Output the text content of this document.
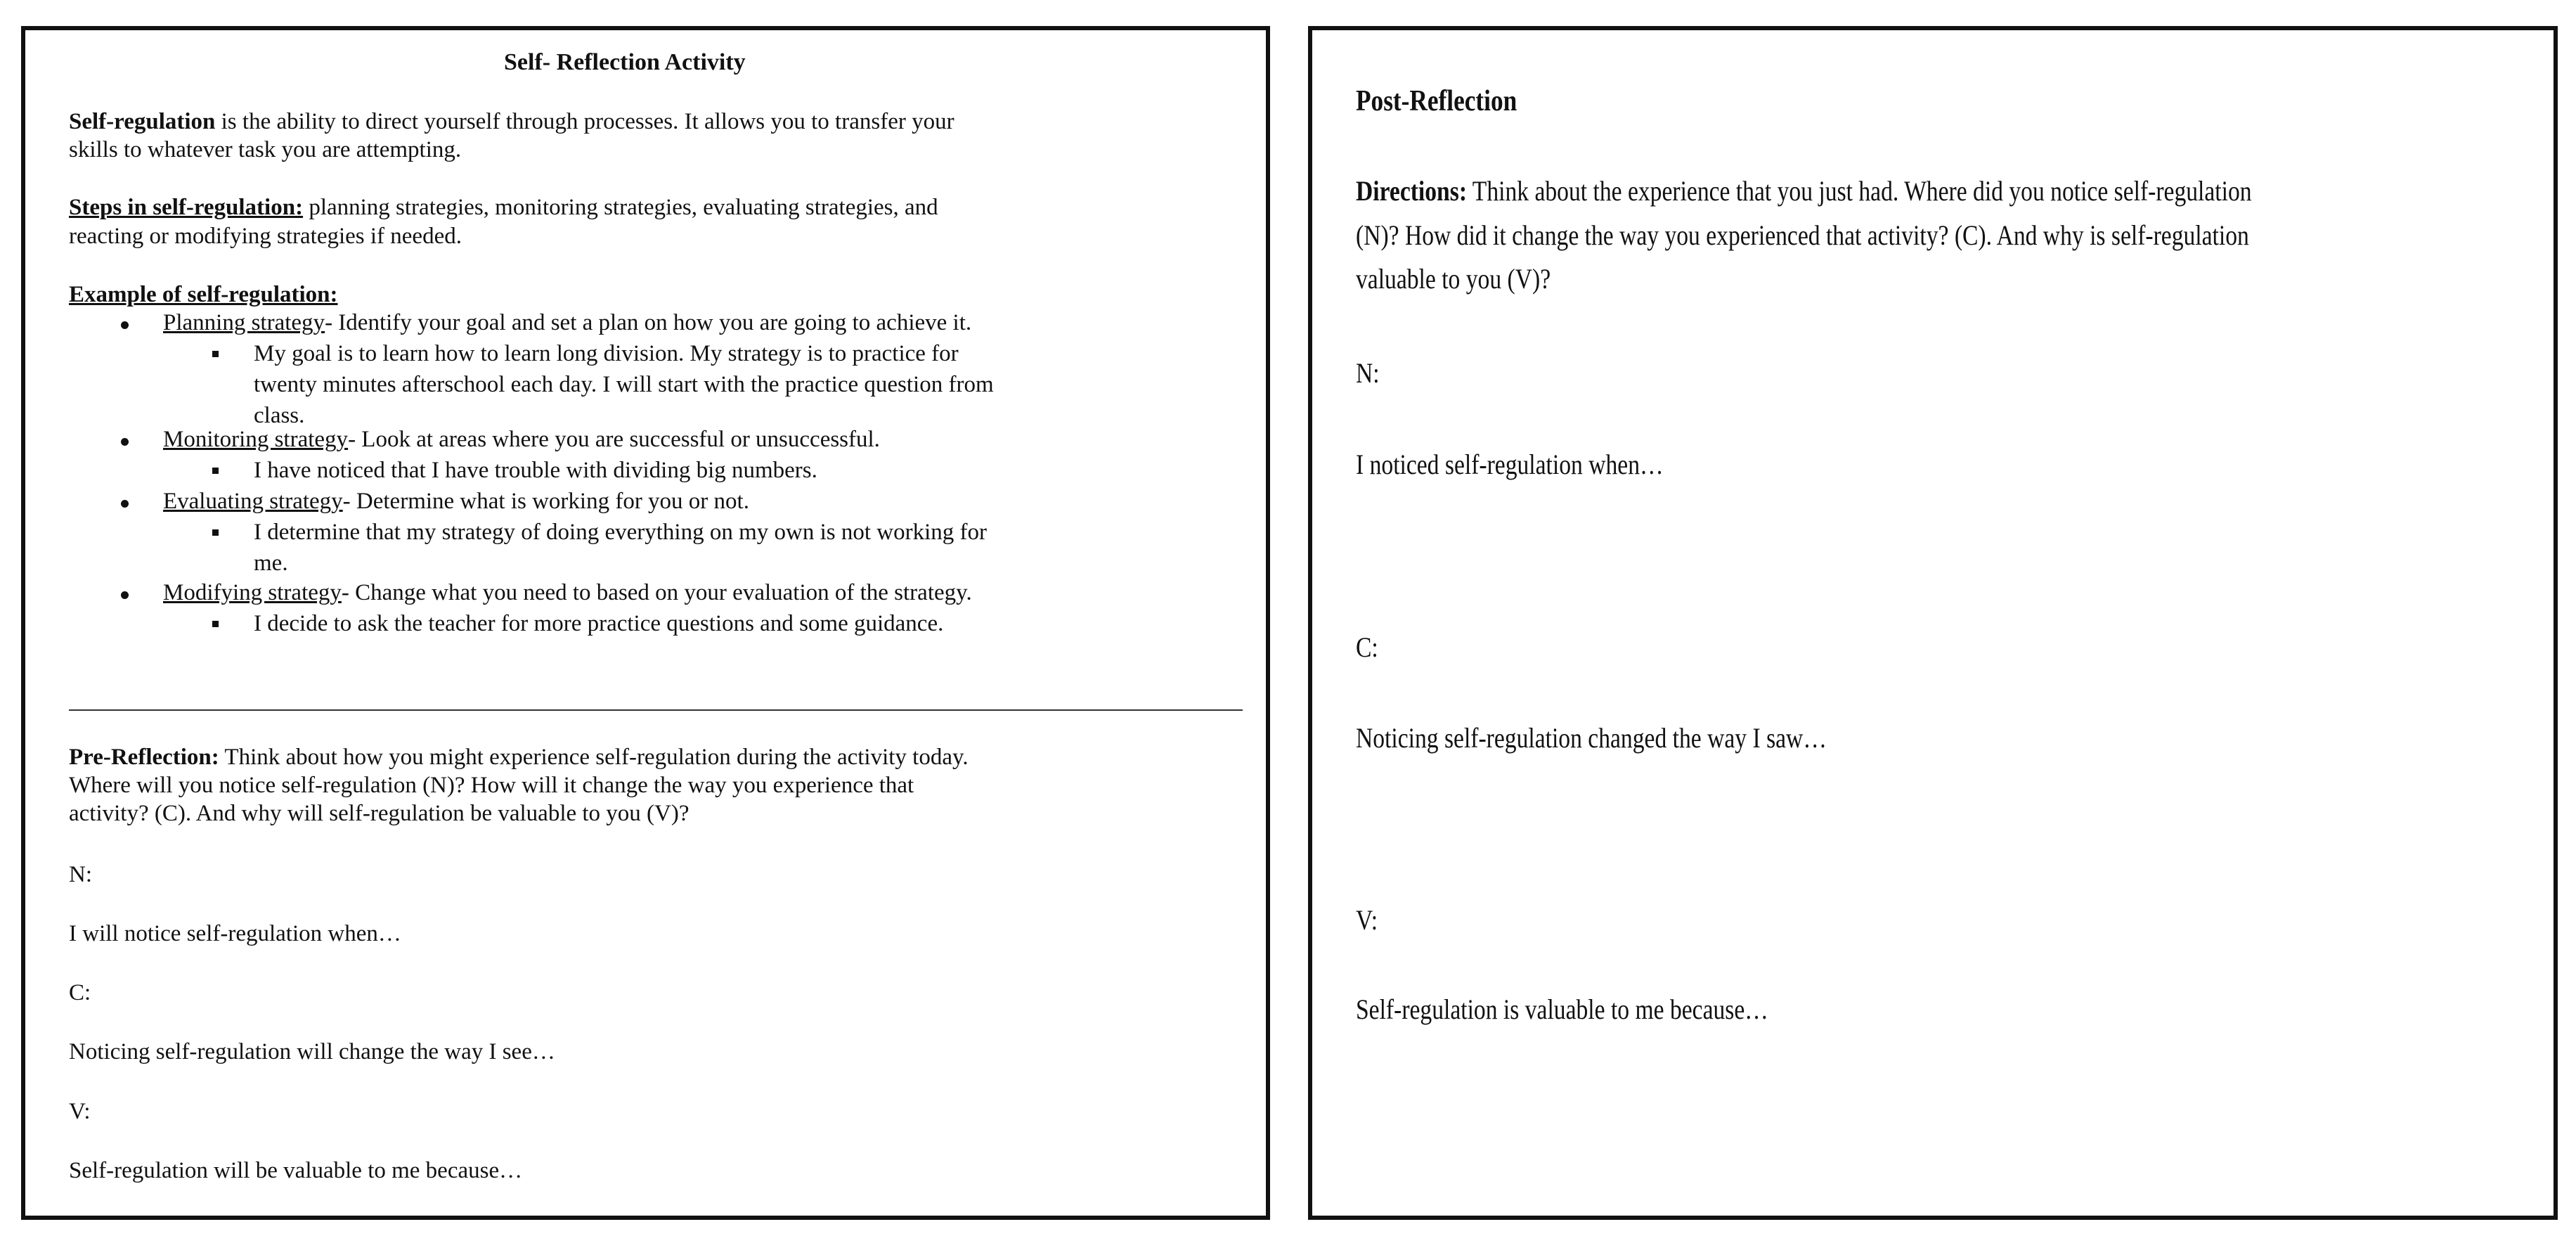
Self- Reflection Activity

Self-regulation is the ability to direct yourself through processes. It allows you to transfer your

skills to whatever task you are attempting.

Steps in self-regulation: planning strategies, monitoring strategies, evaluating strategies, and

reacting or modifying strategies if needed.

Example of self-regulation:

Planning strategy- Identify your goal and set a plan on how you are going to achieve it.

My goal is to learn how to learn long division. My strategy is to practice for

twenty minutes afterschool each day. I will start with the practice question from

class.

Monitoring strategy- Look at areas where you are successful or unsuccessful.

I have noticed that I have trouble with dividing big numbers.

Evaluating strategy- Determine what is working for you or not.

I determine that my strategy of doing everything on my own is not working for

me.

Modifying strategy- Change what you need to based on your evaluation of the strategy.

I decide to ask the teacher for more practice questions and some guidance.

Pre-Reflection: Think about how you might experience self-regulation during the activity today.

Where will you notice self-regulation (N)? How will it change the way you experience that

activity? (C). And why will self-regulation be valuable to you (V)?

N:

I will notice self-regulation when…

C:

Noticing self-regulation will change the way I see…

V:

Self-regulation will be valuable to me because…

Post-Reflection

Directions: Think about the experience that you just had. Where did you notice self-regulation

(N)? How did it change the way you experienced that activity? (C). And why is self-regulation

valuable to you (V)?

N:

I noticed self-regulation when…

C:

Noticing self-regulation changed the way I saw…

V:

Self-regulation is valuable to me because…
